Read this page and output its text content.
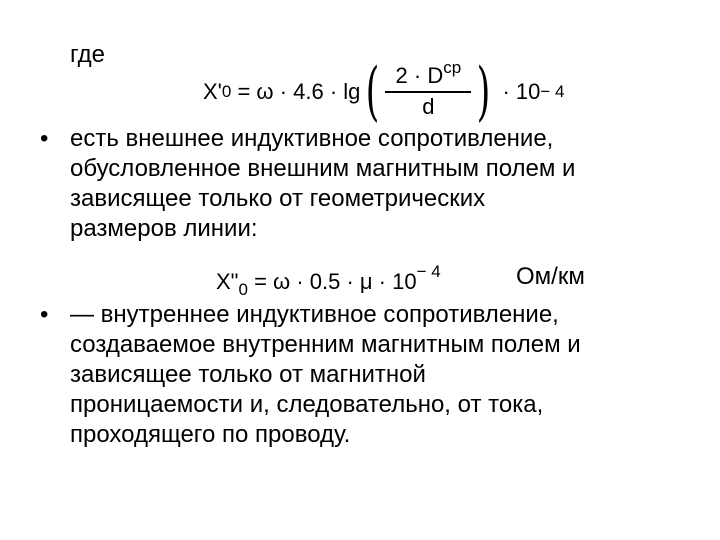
где
X' 0 = ω · 4.6 · lg ( $\frac{2 \cdot D^{cp}}{d}$ ) · 10 − 4
• есть внешнее индуктивное сопротивление,
обусловленное внешним магнитным полем и
зависящее только от геометрических
размеров линии:
• — внутреннее индуктивное сопротивление,
создаваемое внутренним магнитным полем и
зависящее только от магнитной
проницаемости и, следовательно, от тока,
проходящего по проводу.
$X"_0 = \omega \cdot 0.5 \cdot \mu \cdot 10^{- 4}$	Ом/км
